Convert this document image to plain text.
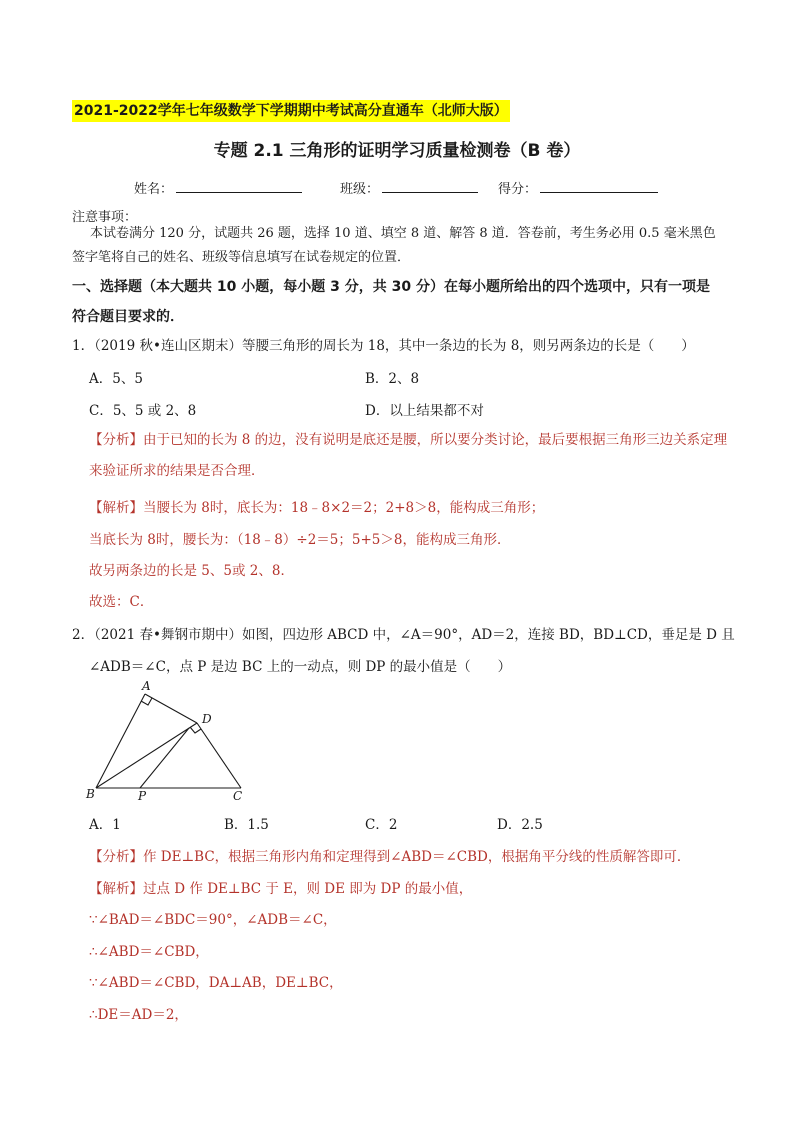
2021-2022学年七年级数学下学期期中考试高分直通车（北师大版）
专题 2.1 三角形的证明学习质量检测卷（B 卷）
姓名：	班级：	得分：
注意事项：
本试卷满分 120 分，试题共 26 题，选择 10 道、填空 8 道、解答 8 道．答卷前，考生务必用 0.5 毫米黑色签字笔将自己的姓名、班级等信息填写在试卷规定的位置．
一、选择题（本大题共 10 小题，每小题 3 分，共 30 分）在每小题所给出的四个选项中，只有一项是符合题目要求的．
1．（2019 秋•连山区期末）等腰三角形的周长为 18，其中一条边的长为 8，则另两条边的长是（　　）
A．5、5	B．2、8
C．5、5 或 2、8	D．以上结果都不对
【分析】由于已知的长为 8 的边，没有说明是底还是腰，所以要分类讨论，最后要根据三角形三边关系定理来验证所求的结果是否合理．
【解析】当腰长为 8时，底长为：18﹣8×2＝2；2+8＞8，能构成三角形；
当底长为 8时，腰长为：（18﹣8）÷2＝5；5+5＞8，能构成三角形．
故另两条边的长是 5、5或 2、8．
故选：C．
2．（2021 春•舞钢市期中）如图，四边形 ABCD 中，∠A＝90°，AD＝2，连接 BD，BD⊥CD，垂足是 D 且
∠ADB＝∠C，点 P 是边 BC 上的一动点，则 DP 的最小值是（　　）
A
D
B	P	C
A．1	B．1.5	C．2	D．2.5
【分析】作 DE⊥BC，根据三角形内角和定理得到∠ABD＝∠CBD，根据角平分线的性质解答即可．
【解析】过点 D 作 DE⊥BC 于 E，则 DE 即为 DP 的最小值，
∵∠BAD＝∠BDC＝90°，∠ADB＝∠C，
∴∠ABD＝∠CBD，
∵∠ABD＝∠CBD，DA⊥AB，DE⊥BC，
∴DE＝AD＝2，
